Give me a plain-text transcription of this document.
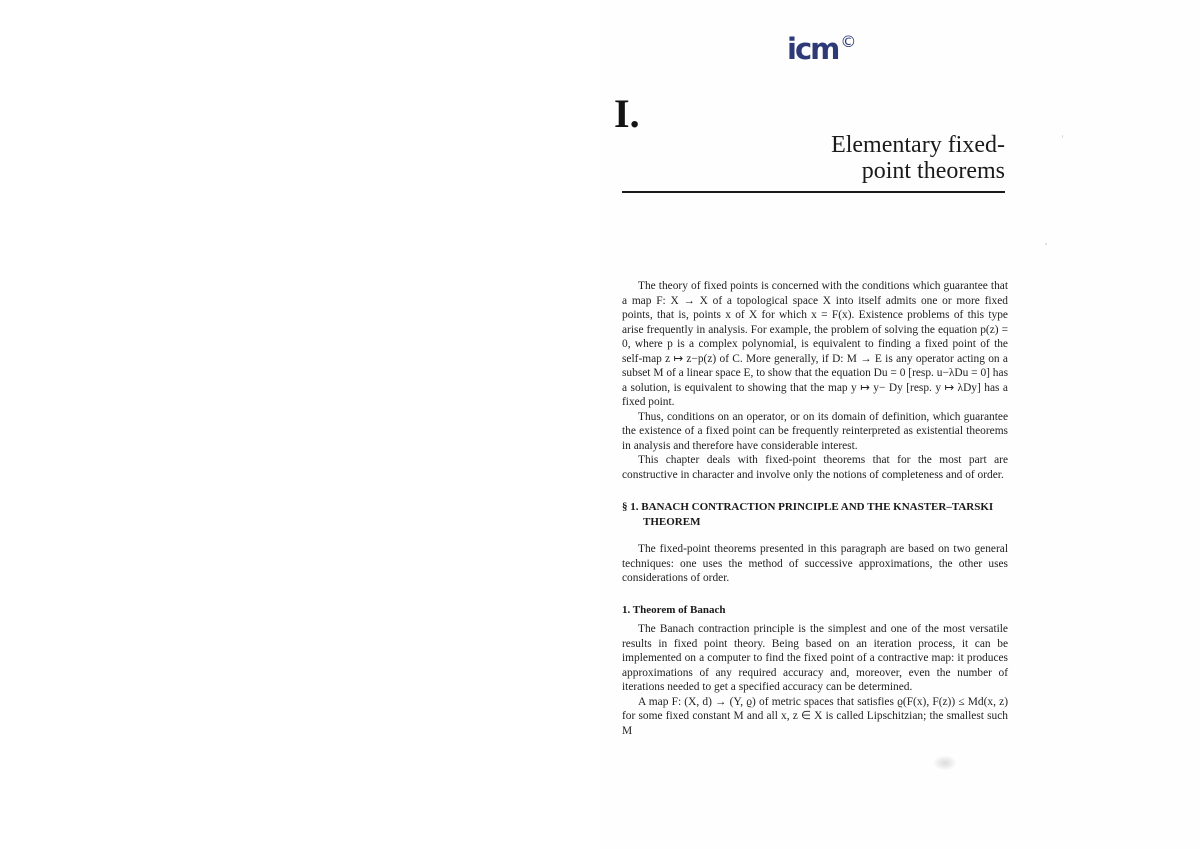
icm ©
I.
Elementary fixed-
point theorems

The theory of fixed points is concerned with the conditions which guarantee that a map F: X → X of a topological space X into itself admits one or more fixed points, that is, points x of X for which x = F(x). Existence problems of this type arise frequently in analysis. For example, the problem of solving the equation p(z) = 0, where p is a complex polynomial, is equivalent to finding a fixed point of the self-map z ↦ z−p(z) of C. More generally, if D: M → E is any operator acting on a subset M of a linear space E, to show that the equation Du = 0 [resp. u−λDu = 0] has a solution, is equivalent to showing that the map y ↦ y− Dy [resp. y ↦ λDy] has a fixed point.

Thus, conditions on an operator, or on its domain of definition, which guarantee the existence of a fixed point can be frequently reinterpreted as existential theorems in analysis and therefore have considerable interest.

This chapter deals with fixed-point theorems that for the most part are constructive in character and involve only the notions of completeness and of order.

§ 1. BANACH CONTRACTION PRINCIPLE AND THE KNASTER–TARSKI
THEOREM

The fixed-point theorems presented in this paragraph are based on two general techniques: one uses the method of successive approximations, the other uses considerations of order.

1. Theorem of Banach

The Banach contraction principle is the simplest and one of the most versatile results in fixed point theory. Being based on an iteration process, it can be implemented on a computer to find the fixed point of a contractive map: it produces approximations of any required accuracy and, moreover, even the number of iterations needed to get a specified accuracy can be determined.

A map F: (X, d) → (Y, ϱ) of metric spaces that satisfies ϱ(F(x), F(z)) ≤ Md(x, z) for some fixed constant M and all x, z ∈ X is called Lipschitzian; the smallest such M
